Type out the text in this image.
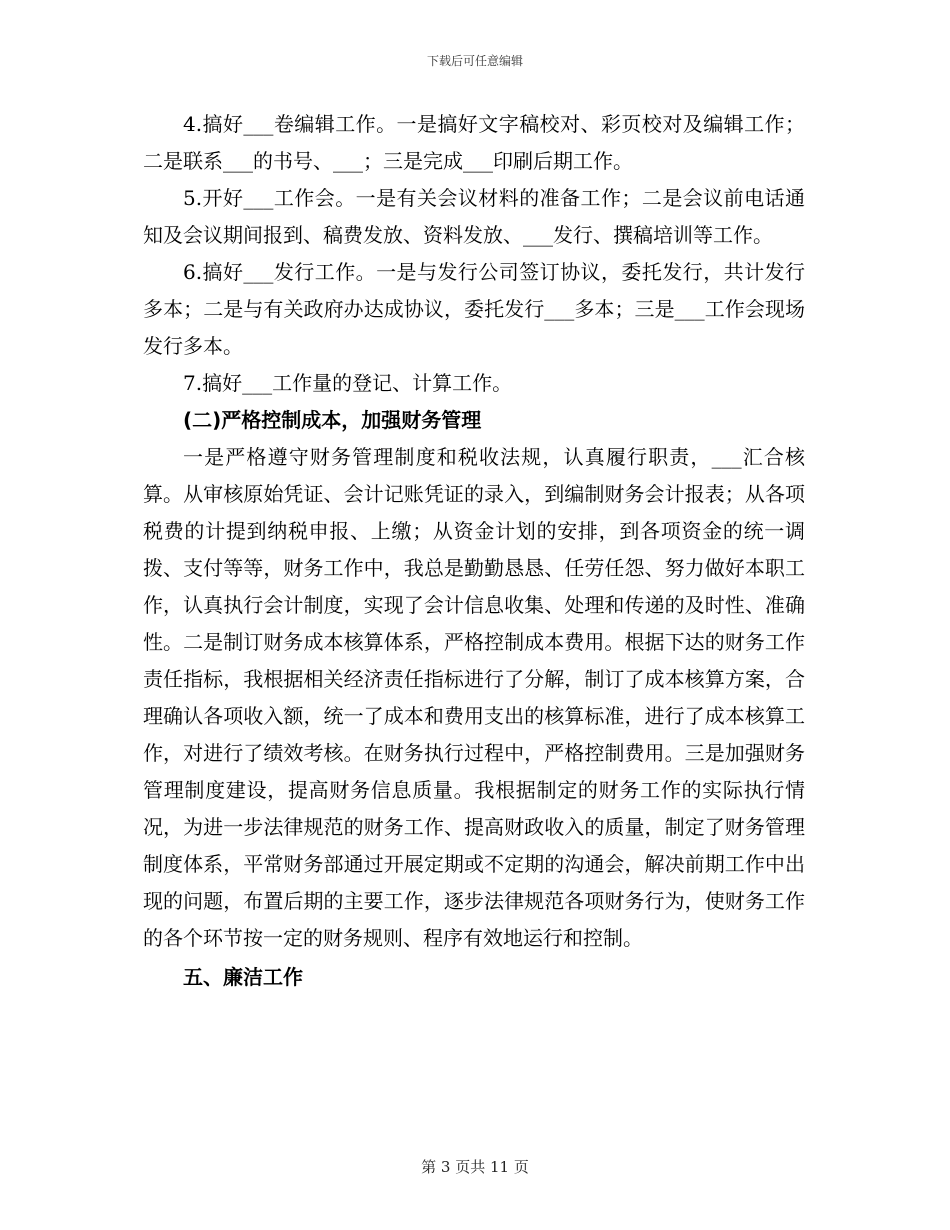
下载后可任意编辑

4.搞好___卷编辑工作。一是搞好文字稿校对、彩页校对及编辑工作；二是联系___的书号、___；三是完成___印刷后期工作。

5.开好___工作会。一是有关会议材料的准备工作；二是会议前电话通知及会议期间报到、稿费发放、资料发放、___发行、撰稿培训等工作。

6.搞好___发行工作。一是与发行公司签订协议，委托发行，共计发行多本；二是与有关政府办达成协议，委托发行___多本；三是___工作会现场发行多本。

7.搞好___工作量的登记、计算工作。

(二)严格控制成本，加强财务管理

一是严格遵守财务管理制度和税收法规，认真履行职责，___汇合核算。从审核原始凭证、会计记账凭证的录入，到编制财务会计报表；从各项税费的计提到纳税申报、上缴；从资金计划的安排，到各项资金的统一调拨、支付等等，财务工作中，我总是勤勤恳恳、任劳任怨、努力做好本职工作，认真执行会计制度，实现了会计信息收集、处理和传递的及时性、准确性。二是制订财务成本核算体系，严格控制成本费用。根据下达的财务工作责任指标，我根据相关经济责任指标进行了分解，制订了成本核算方案，合理确认各项收入额，统一了成本和费用支出的核算标准，进行了成本核算工作，对进行了绩效考核。在财务执行过程中，严格控制费用。三是加强财务管理制度建设，提高财务信息质量。我根据制定的财务工作的实际执行情况，为进一步法律规范的财务工作、提高财政收入的质量，制定了财务管理制度体系，平常财务部通过开展定期或不定期的沟通会，解决前期工作中出现的问题，布置后期的主要工作，逐步法律规范各项财务行为，使财务工作的各个环节按一定的财务规则、程序有效地运行和控制。

五、廉洁工作

第 3 页共 11 页
